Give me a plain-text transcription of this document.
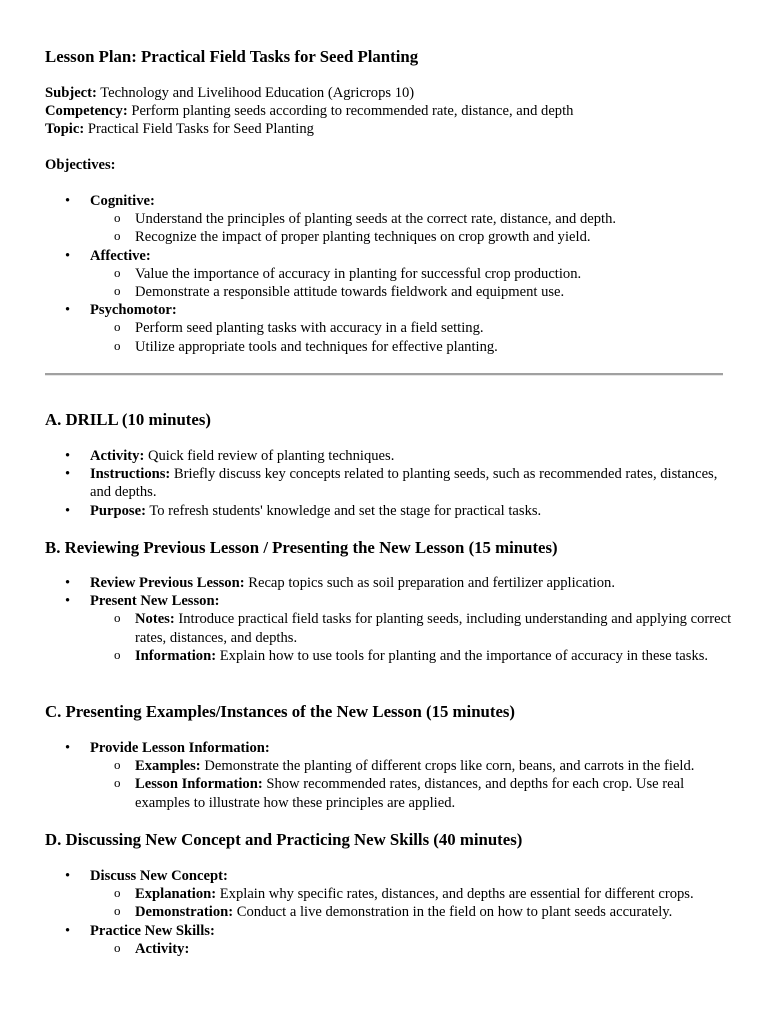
Lesson Plan: Practical Field Tasks for Seed Planting
Subject: Technology and Livelihood Education (Agricrops 10)
Competency: Perform planting seeds according to recommended rate, distance, and depth
Topic: Practical Field Tasks for Seed Planting
Objectives:
• Cognitive:
o Understand the principles of planting seeds at the correct rate, distance, and depth.
o Recognize the impact of proper planting techniques on crop growth and yield.
• Affective:
o Value the importance of accuracy in planting for successful crop production.
o Demonstrate a responsible attitude towards fieldwork and equipment use.
• Psychomotor:
o Perform seed planting tasks with accuracy in a field setting.
o Utilize appropriate tools and techniques for effective planting.
A. DRILL (10 minutes)
• Activity: Quick field review of planting techniques.
• Instructions: Briefly discuss key concepts related to planting seeds, such as recommended rates, distances, and depths.
• Purpose: To refresh students' knowledge and set the stage for practical tasks.
B. Reviewing Previous Lesson / Presenting the New Lesson (15 minutes)
• Review Previous Lesson: Recap topics such as soil preparation and fertilizer application.
• Present New Lesson:
o Notes: Introduce practical field tasks for planting seeds, including understanding and applying correct rates, distances, and depths.
o Information: Explain how to use tools for planting and the importance of accuracy in these tasks.
C. Presenting Examples/Instances of the New Lesson (15 minutes)
• Provide Lesson Information:
o Examples: Demonstrate the planting of different crops like corn, beans, and carrots in the field.
o Lesson Information: Show recommended rates, distances, and depths for each crop. Use real examples to illustrate how these principles are applied.
D. Discussing New Concept and Practicing New Skills (40 minutes)
• Discuss New Concept:
o Explanation: Explain why specific rates, distances, and depths are essential for different crops.
o Demonstration: Conduct a live demonstration in the field on how to plant seeds accurately.
• Practice New Skills:
o Activity:
